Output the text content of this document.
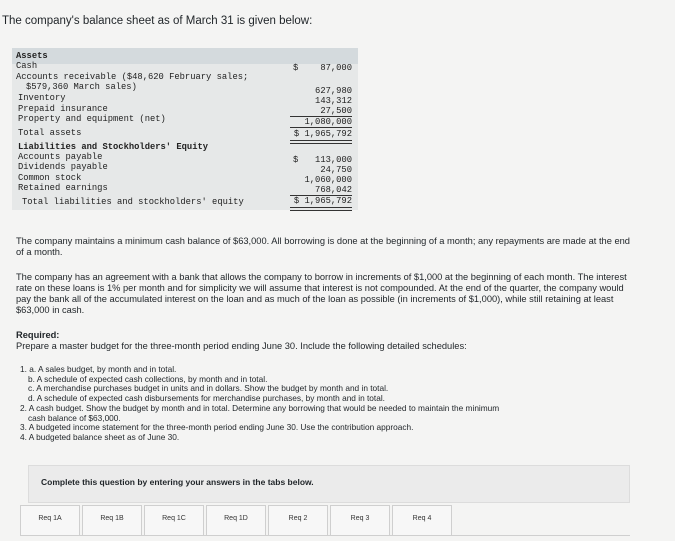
The company's balance sheet as of March 31 is given below:
Assets
Cash	$	87,000
Accounts receivable ($48,620 February sales;
$579,360 March sales)	627,980
Inventory	143,312
Prepaid insurance	27,500
Property and equipment (net)	1,080,000
Total assets	$ 1,965,792
Liabilities and Stockholders' Equity
Accounts payable	$	113,000
Dividends payable	24,750
Common stock	1,060,000
Retained earnings	768,042
Total liabilities and stockholders' equity	$ 1,965,792
The company maintains a minimum cash balance of $63,000. All borrowing is done at the beginning of a month; any repayments are made at the end of a month.
The company has an agreement with a bank that allows the company to borrow in increments of $1,000 at the beginning of each month. The interest rate on these loans is 1% per month and for simplicity we will assume that interest is not compounded. At the end of the quarter, the company would pay the bank all of the accumulated interest on the loan and as much of the loan as possible (in increments of $1,000), while still retaining at least $63,000 in cash.
Required:
Prepare a master budget for the three-month period ending June 30. Include the following detailed schedules:
1. a. A sales budget, by month and in total.
b. A schedule of expected cash collections, by month and in total.
c. A merchandise purchases budget in units and in dollars. Show the budget by month and in total.
d. A schedule of expected cash disbursements for merchandise purchases, by month and in total.
2. A cash budget. Show the budget by month and in total. Determine any borrowing that would be needed to maintain the minimum
cash balance of $63,000.
3. A budgeted income statement for the three-month period ending June 30. Use the contribution approach.
4. A budgeted balance sheet as of June 30.
Complete this question by entering your answers in the tabs below.
Req 1A	Req 1B	Req 1C	Req 1D	Req 2	Req 3	Req 4
